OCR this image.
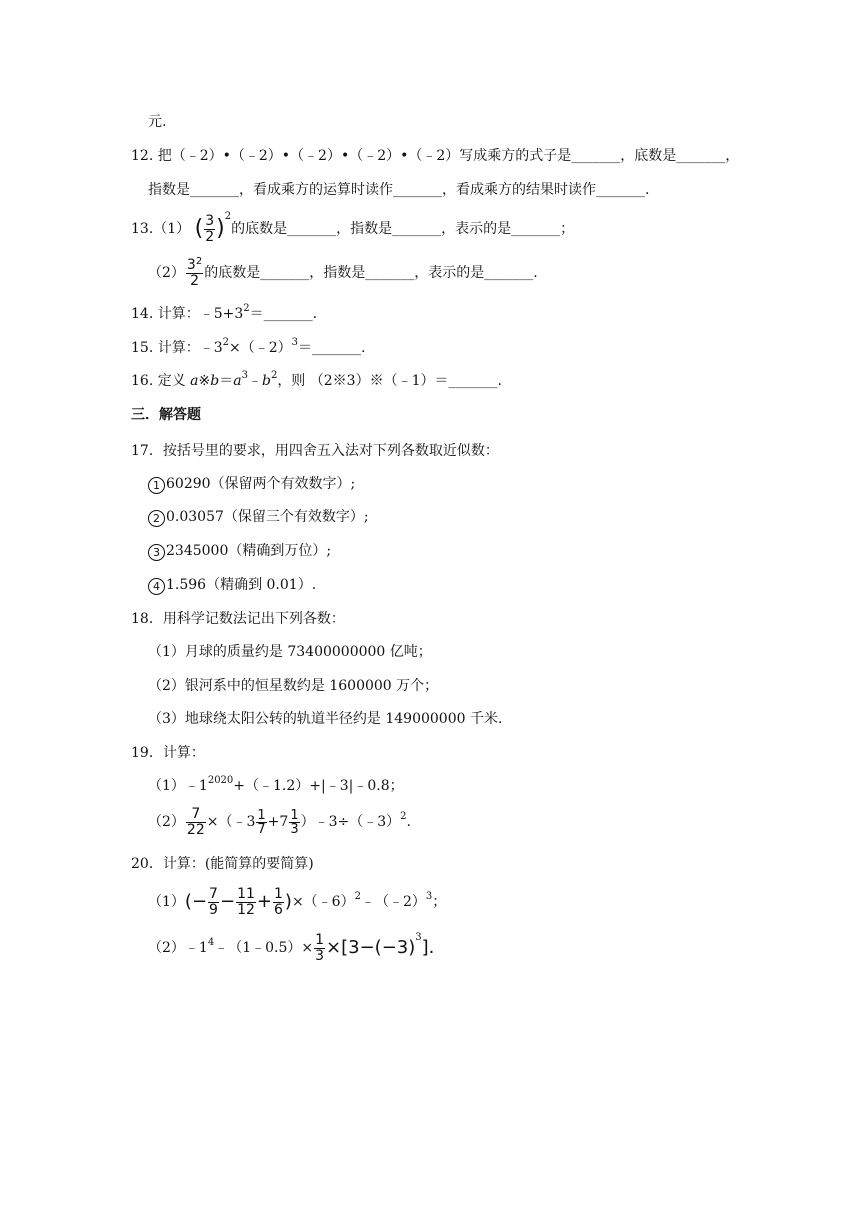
元.
12. 把（﹣2）•（﹣2）•（﹣2）•（﹣2）•（﹣2）写成乘方的式子是_______，底数是_______，
指数是_______，看成乘方的运算时读作_______，看成乘方的结果时读作_______.
13.（1） ( $\frac{3}{2} )^2$的底数是_______，指数是_______，表示的是_______；
$(2) \frac{3^2}{2}$ 的底数是_______，指数是_______，表示的是_______.
14. 计算：$﹣5+3^2=\_\_\_\_\_\_\_$.
15. 计算：$﹣3^2\times(﹣2)^3=\_\_\_\_\_\_\_$.
16. 定义 $a※b=a^3﹣b^2$，则 （2※3）※（﹣1）＝_______.
三．解答题
17．按括号里的要求，用四舍五入法对下列各数取近似数：
1 60290（保留两个有效数字）;
2 0.03057（保留三个有效数字）;
3 2345000（精确到万位）;
4 1.596（精确到 0.01）.
18．用科学记数法记出下列各数：
（1）月球的质量约是 73400000000 亿吨；
（2）银河系中的恒星数约是 1600000 万个；
（3）地球绕太阳公转的轨道半径约是 149000000 千米.
19．计算：
$(1)﹣1^{2020}+(﹣1.2)+|﹣3|﹣0.8$；
$(2) \frac{7}{22}$ ×（﹣3 $\frac{1}{7} +7 \frac{1}{3}$ ）﹣3÷（﹣3）$^2$.
20．计算：(能简算的要简算)
$(1)(- \frac{7}{9} - \frac{11}{12} + \frac{1}{6}$ )×（﹣6）$^2$﹣（﹣2）$^3$；
$(2)﹣1^4﹣(1﹣0.5)\times \frac{1}{3} \times[3-(-3)^3]$.
